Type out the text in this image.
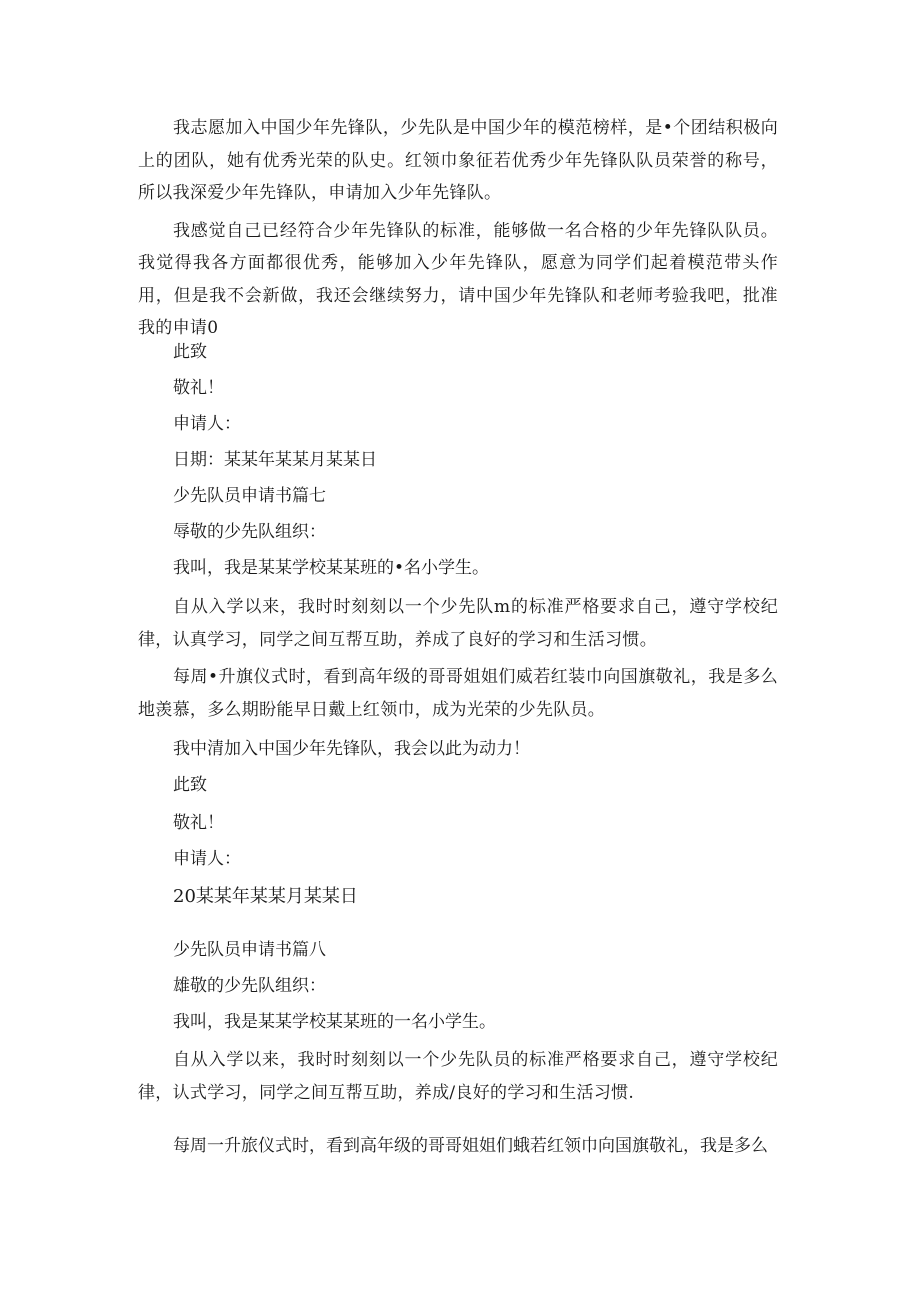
我志愿加入中国少年先锋队，少先队是中国少年的模范榜样，是•个团结积极向上的团队，她有优秀光荣的队史。红领巾象征若优秀少年先锋队队员荣誉的称号，所以我深爱少年先锋队，申请加入少年先锋队。

我感觉自己已经符合少年先锋队的标准，能够做一名合格的少年先锋队队员。我觉得我各方面都很优秀，能够加入少年先锋队，愿意为同学们起着模范带头作用，但是我不会新做，我还会继续努力，请中国少年先锋队和老师考验我吧，批准我的申请0

此致
敬礼！
申请人：
日期：某某年某某月某某日
少先队员申请书篇七
辱敬的少先队组织：
我叫，我是某某学校某某班的•名小学生。

自从入学以来，我时时刻刻以一个少先队m的标准严格要求自己，遵守学校纪律，认真学习，同学之间互帮互助，养成了良好的学习和生活习惯。

每周•升旗仪式时，看到高年级的哥哥姐姐们威若红装巾向国旗敬礼，我是多么地羡慕，多么期盼能早日戴上红领巾，成为光荣的少先队员。

我中清加入中国少年先锋队，我会以此为动力！
此致
敬礼！
申请人：
20某某年某某月某某日
少先队员申请书篇八
雄敬的少先队组织：
我叫，我是某某学校某某班的一名小学生。

自从入学以来，我时时刻刻以一个少先队员的标准严格要求自己，遵守学校纪律，认式学习，同学之间互帮互助，养成/良好的学习和生活习惯.

每周一升旅仪式时，看到高年级的哥哥姐姐们蛾若红领巾向国旗敬礼，我是多么
